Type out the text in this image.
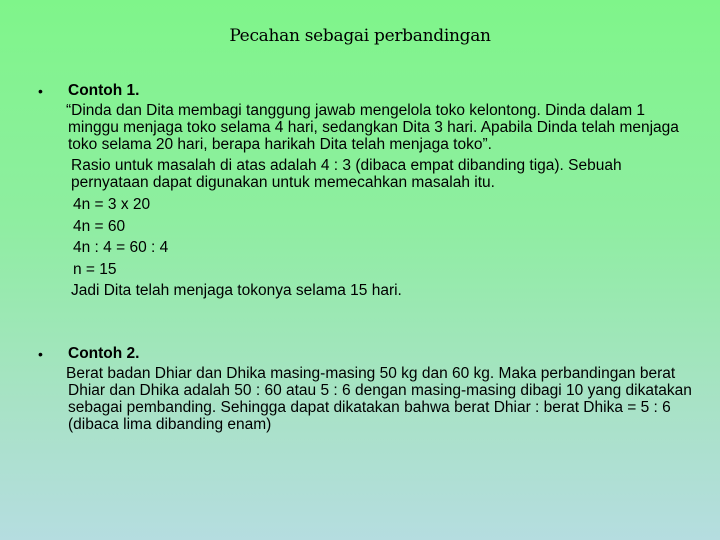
Pecahan sebagai perbandingan
• Contoh 1.
“Dinda dan Dita membagi tanggung jawab mengelola toko kelontong. Dinda dalam 1 minggu menjaga toko selama 4 hari, sedangkan Dita 3 hari. Apabila Dinda telah menjaga toko selama 20 hari, berapa harikah Dita telah menjaga toko”.
Rasio untuk masalah di atas adalah 4 : 3 (dibaca empat dibanding tiga). Sebuah pernyataan dapat digunakan untuk memecahkan masalah itu.
4n = 3 x 20
4n = 60
4n : 4 = 60 : 4
n = 15
Jadi Dita telah menjaga tokonya selama 15 hari.
• Contoh 2.
Berat badan Dhiar dan Dhika masing-masing 50 kg dan 60 kg. Maka perbandingan berat Dhiar dan Dhika adalah 50 : 60 atau 5 : 6 dengan masing-masing dibagi 10 yang dikatakan sebagai pembanding. Sehingga dapat dikatakan bahwa berat Dhiar : berat Dhika = 5 : 6 (dibaca lima dibanding enam)
